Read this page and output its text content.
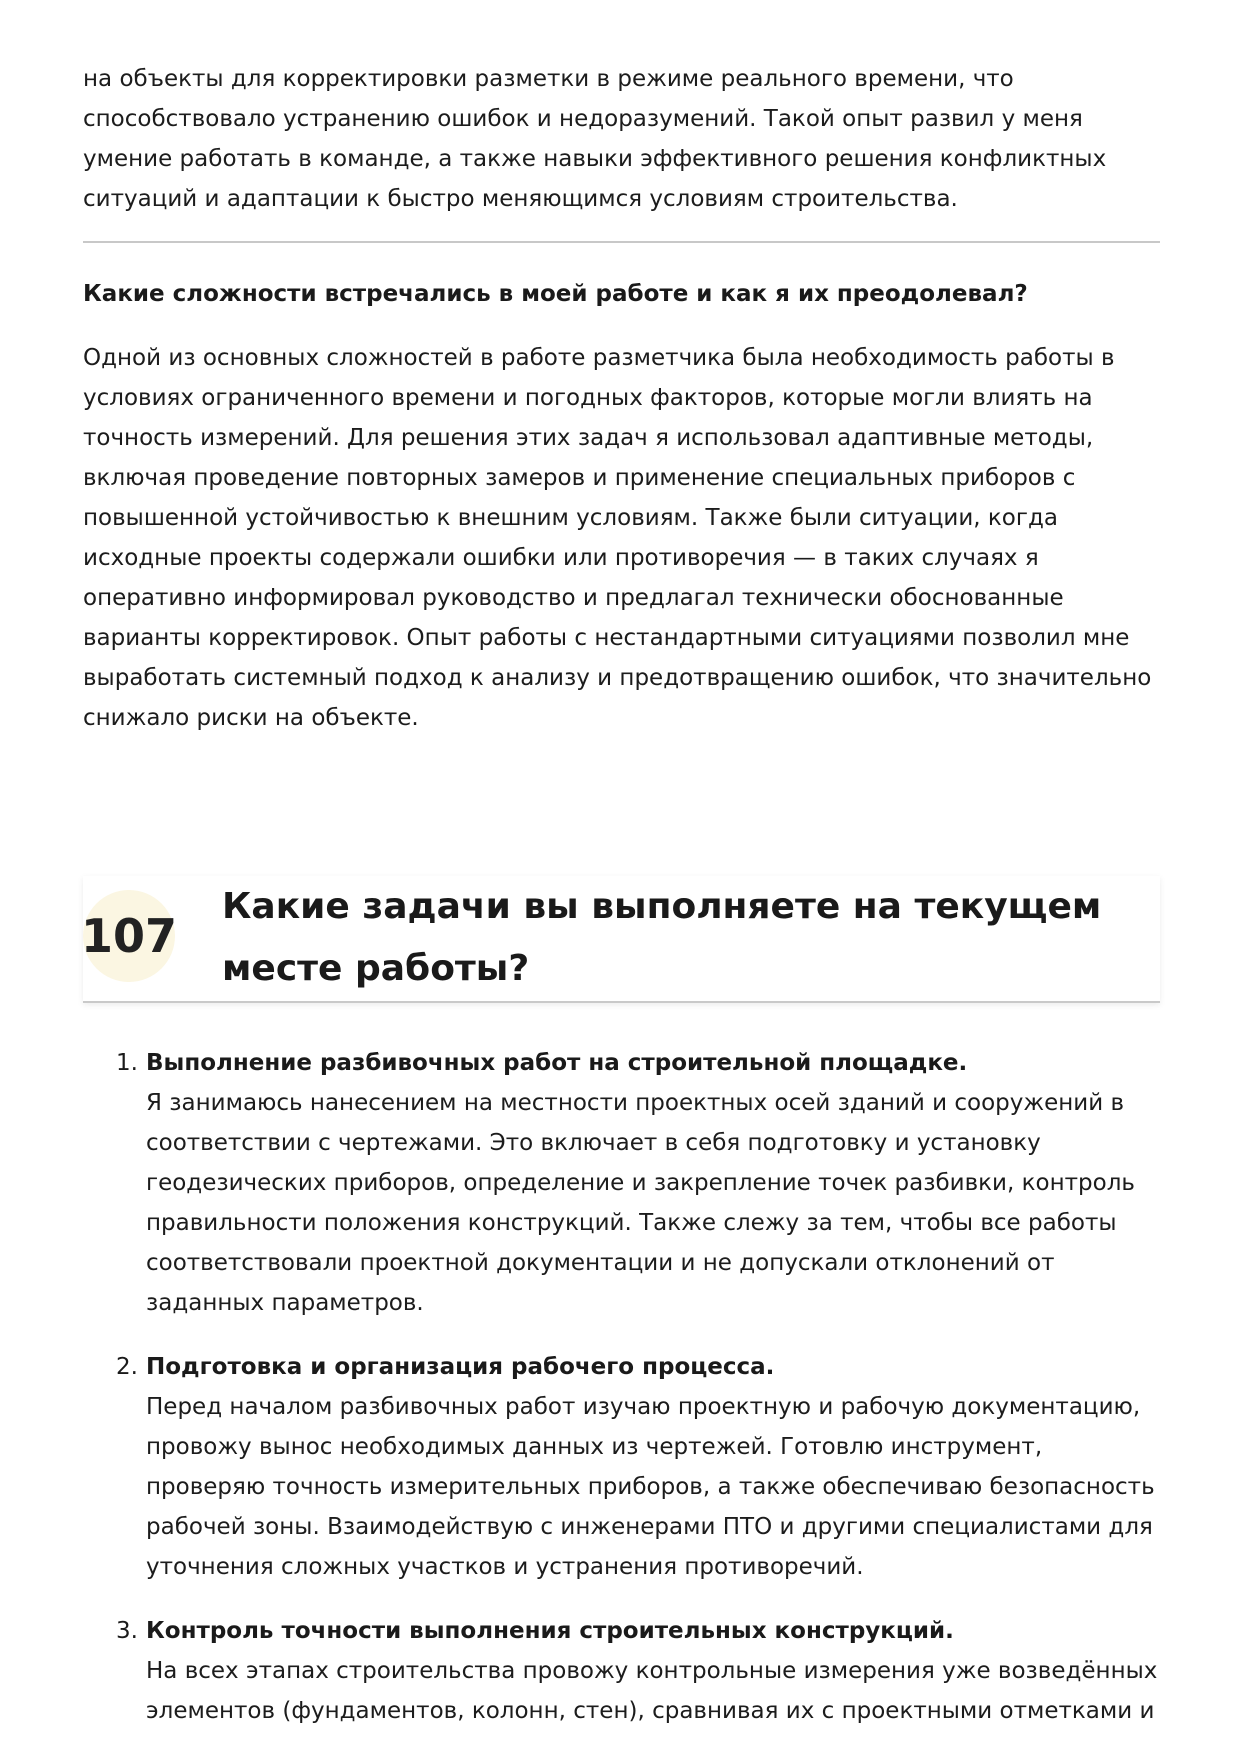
на объекты для корректировки разметки в режиме реального времени, что способствовало устранению ошибок и недоразумений. Такой опыт развил у меня умение работать в команде, а также навыки эффективного решения конфликтных ситуаций и адаптации к быстро меняющимся условиям строительства.

Какие сложности встречались в моей работе и как я их преодолевал?

Одной из основных сложностей в работе разметчика была необходимость работы в условиях ограниченного времени и погодных факторов, которые могли влиять на точность измерений. Для решения этих задач я использовал адаптивные методы, включая проведение повторных замеров и применение специальных приборов с повышенной устойчивостью к внешним условиям. Также были ситуации, когда исходные проекты содержали ошибки или противоречия — в таких случаях я оперативно информировал руководство и предлагал технически обоснованные варианты корректировок. Опыт работы с нестандартными ситуациями позволил мне выработать системный подход к анализу и предотвращению ошибок, что значительно снижало риски на объекте.

107
Какие задачи вы выполняете на текущем месте работы?
1. Выполнение разбивочных работ на строительной площадке.

Я занимаюсь нанесением на местности проектных осей зданий и сооружений в соответствии с чертежами. Это включает в себя подготовку и установку геодезических приборов, определение и закрепление точек разбивки, контроль правильности положения конструкций. Также слежу за тем, чтобы все работы соответствовали проектной документации и не допускали отклонений от заданных параметров.

2. Подготовка и организация рабочего процесса.

Перед началом разбивочных работ изучаю проектную и рабочую документацию, провожу вынос необходимых данных из чертежей. Готовлю инструмент, проверяю точность измерительных приборов, а также обеспечиваю безопасность рабочей зоны. Взаимодействую с инженерами ПТО и другими специалистами для уточнения сложных участков и устранения противоречий.

3. Контроль точности выполнения строительных конструкций.

На всех этапах строительства провожу контрольные измерения уже возведённых элементов (фундаментов, колонн, стен), сравнивая их с проектными отметками и
